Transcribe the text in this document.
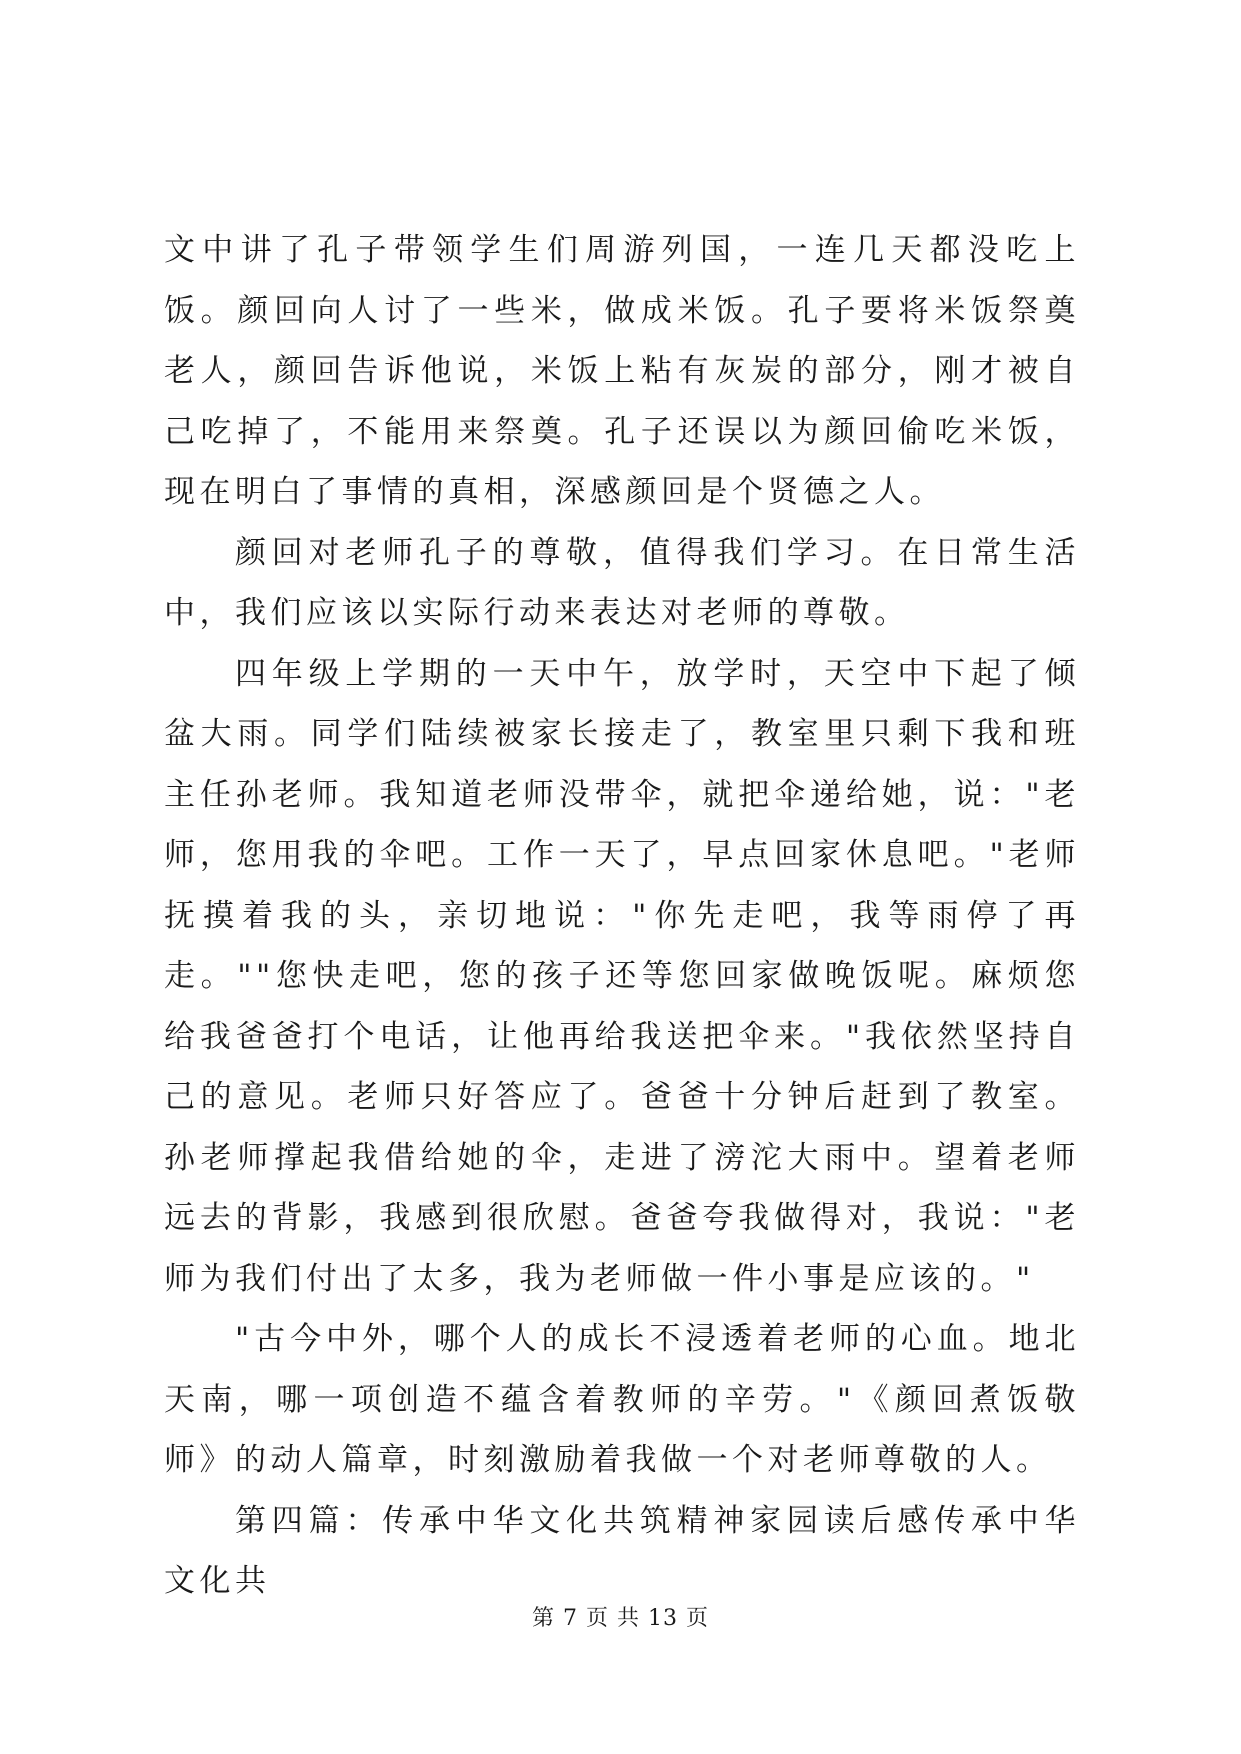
文中讲了孔子带领学生们周游列国，一连几天都没吃上饭。颜回向人讨了一些米，做成米饭。孔子要将米饭祭奠老人，颜回告诉他说，米饭上粘有灰炭的部分，刚才被自己吃掉了，不能用来祭奠。孔子还误以为颜回偷吃米饭，现在明白了事情的真相，深感颜回是个贤德之人。

颜回对老师孔子的尊敬，值得我们学习。在日常生活中，我们应该以实际行动来表达对老师的尊敬。

四年级上学期的一天中午，放学时，天空中下起了倾盆大雨。同学们陆续被家长接走了，教室里只剩下我和班主任孙老师。我知道老师没带伞，就把伞递给她，说："老师，您用我的伞吧。工作一天了，早点回家休息吧。"老师抚摸着我的头，亲切地说："你先走吧，我等雨停了再走。""您快走吧，您的孩子还等您回家做晚饭呢。麻烦您给我爸爸打个电话，让他再给我送把伞来。"我依然坚持自己的意见。老师只好答应了。爸爸十分钟后赶到了教室。孙老师撑起我借给她的伞，走进了滂沱大雨中。望着老师远去的背影，我感到很欣慰。爸爸夸我做得对，我说："老师为我们付出了太多，我为老师做一件小事是应该的。"

"古今中外，哪个人的成长不浸透着老师的心血。地北天南，哪一项创造不蕴含着教师的辛劳。"《颜回煮饭敬师》的动人篇章，时刻激励着我做一个对老师尊敬的人。

第四篇：传承中华文化共筑精神家园读后感传承中华文化共

第 7 页 共 13 页
